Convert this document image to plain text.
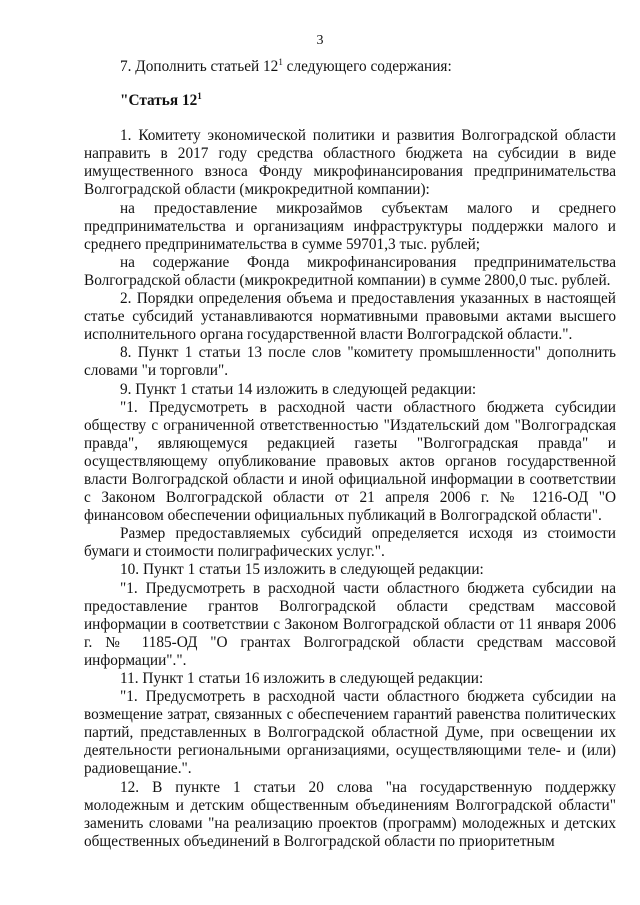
3

7. Дополнить статьей $12^1$ следующего содержания:

"Статья $12^1$

1. Комитету экономической политики и развития Волгоградской области направить в 2017 году средства областного бюджета на субсидии в виде имущественного взноса Фонду микрофинансирования предпринимательства Волгоградской области (микрокредитной компании):

на предоставление микрозаймов субъектам малого и среднего предпринимательства и организациям инфраструктуры поддержки малого и среднего предпринимательства в сумме 59701,3 тыс. рублей;

на содержание Фонда микрофинансирования предпринимательства Волгоградской области (микрокредитной компании) в сумме 2800,0 тыс. рублей.

2. Порядки определения объема и предоставления указанных в настоящей статье субсидий устанавливаются нормативными правовыми актами высшего исполнительного органа государственной власти Волгоградской области.".

8. Пункт 1 статьи 13 после слов "комитету промышленности" дополнить словами "и торговли".

9. Пункт 1 статьи 14 изложить в следующей редакции:

"1. Предусмотреть в расходной части областного бюджета субсидии обществу с ограниченной ответственностью "Издательский дом "Волгоградская правда", являющемуся редакцией газеты "Волгоградская правда" и осуществляющему опубликование правовых актов органов государственной власти Волгоградской области и иной официальной информации в соответствии с Законом Волгоградской области от 21 апреля 2006 г. № 1216-ОД "О финансовом обеспечении официальных публикаций в Волгоградской области".

Размер предоставляемых субсидий определяется исходя из стоимости бумаги и стоимости полиграфических услуг.".

10. Пункт 1 статьи 15 изложить в следующей редакции:

"1. Предусмотреть в расходной части областного бюджета субсидии на предоставление грантов Волгоградской области средствам массовой информации в соответствии с Законом Волгоградской области от 11 января 2006 г. № 1185-ОД "О грантах Волгоградской области средствам массовой информации".".

11. Пункт 1 статьи 16 изложить в следующей редакции:

"1. Предусмотреть в расходной части областного бюджета субсидии на возмещение затрат, связанных с обеспечением гарантий равенства политических партий, представленных в Волгоградской областной Думе, при освещении их деятельности региональными организациями, осуществляющими теле- и (или) радиовещание.".

12. В пункте 1 статьи 20 слова "на государственную поддержку молодежным и детским общественным объединениям Волгоградской области" заменить словами "на реализацию проектов (программ) молодежных и детских общественных объединений в Волгоградской области по приоритетным
